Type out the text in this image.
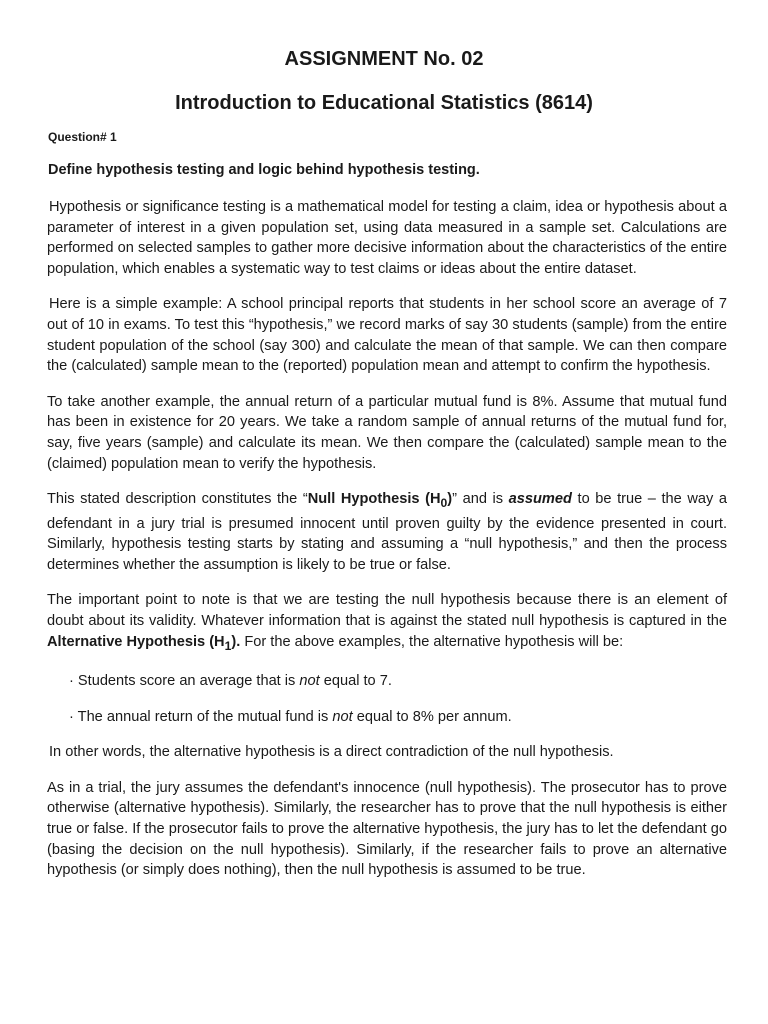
ASSIGNMENT No. 02
Introduction to Educational Statistics (8614)

Question# 1

Define hypothesis testing and logic behind hypothesis testing.

Hypothesis or significance testing is a mathematical model for testing a claim, idea or hypothesis about a parameter of interest in a given population set, using data measured in a sample set. Calculations are performed on selected samples to gather more decisive information about the characteristics of the entire population, which enables a systematic way to test claims or ideas about the entire dataset.

Here is a simple example: A school principal reports that students in her school score an average of 7 out of 10 in exams. To test this “hypothesis,” we record marks of say 30 students (sample) from the entire student population of the school (say 300) and calculate the mean of that sample. We can then compare the (calculated) sample mean to the (reported) population mean and attempt to confirm the hypothesis.

To take another example, the annual return of a particular mutual fund is 8%. Assume that mutual fund has been in existence for 20 years. We take a random sample of annual returns of the mutual fund for, say, five years (sample) and calculate its mean. We then compare the (calculated) sample mean to the (claimed) population mean to verify the hypothesis.

This stated description constitutes the “Null Hypothesis $(H_0)$” and is assumed to be true – the way a defendant in a jury trial is presumed innocent until proven guilty by the evidence presented in court. Similarly, hypothesis testing starts by stating and assuming a “null hypothesis,” and then the process determines whether the assumption is likely to be true or false.

The important point to note is that we are testing the null hypothesis because there is an element of doubt about its validity. Whatever information that is against the stated null hypothesis is captured in the Alternative Hypothesis $(H_1)$. For the above examples, the alternative hypothesis will be:

· Students score an average that is not equal to 7.

· The annual return of the mutual fund is not equal to 8% per annum.

In other words, the alternative hypothesis is a direct contradiction of the null hypothesis.

As in a trial, the jury assumes the defendant's innocence (null hypothesis). The prosecutor has to prove otherwise (alternative hypothesis). Similarly, the researcher has to prove that the null hypothesis is either true or false. If the prosecutor fails to prove the alternative hypothesis, the jury has to let the defendant go (basing the decision on the null hypothesis). Similarly, if the researcher fails to prove an alternative hypothesis (or simply does nothing), then the null hypothesis is assumed to be true.
